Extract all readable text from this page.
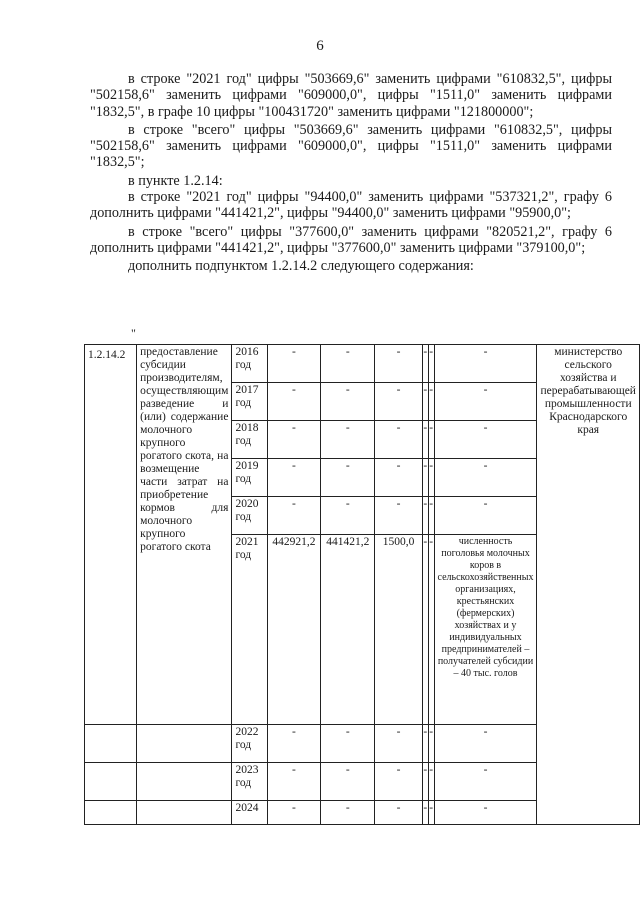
6

в строке "2021 год" цифры "503669,6" заменить цифрами "610832,5", цифры "502158,6" заменить цифрами "609000,0", цифры "1511,0" заменить цифрами "1832,5", в графе 10 цифры "100431720" заменить цифрами "121800000";

в строке "всего" цифры "503669,6" заменить цифрами "610832,5", цифры "502158,6" заменить цифрами "609000,0", цифры "1511,0" заменить цифрами "1832,5";

в пункте 1.2.14:

в строке "2021 год" цифры "94400,0" заменить цифрами "537321,2", графу 6 дополнить цифрами "441421,2", цифры "94400,0" заменить цифрами "95900,0";

в строке "всего" цифры "377600,0" заменить цифрами "820521,2", графу 6 дополнить цифрами "441421,2", цифры "377600,0" заменить цифрами "379100,0";

дополнить подпунктом 1.2.14.2 следующего содержания:

"
1.2.14.2	предоставление субсидии производителям, осуществляющим разведение и (или) содержание молочного крупного рогатого скота, на возмещение части затрат на приобретение кормов для молочного крупного рогатого скота	2016 год	-	-	-	-	-	-	министерство сельского хозяйства и перерабатывающей промышленности Краснодарского края

		2017 год	-	-	-	-	-	-	

		2018 год	-	-	-	-	-	-	

		2019 год	-	-	-	-	-	-	

		2020 год	-	-	-	-	-	-	

		2021 год	442921,2	441421,2	1500,0	-	-	численность поголовья молочных коров в сельскохозяйственных организациях, крестьянских (фермерских) хозяйствах и у индивидуальных предпринимателей – получателей субсидии – 40 тыс. голов	

		2022 год	-	-	-	-	-	-	

		2023 год	-	-	-	-	-	-	

		2024	-	-	-	-	-	-	
